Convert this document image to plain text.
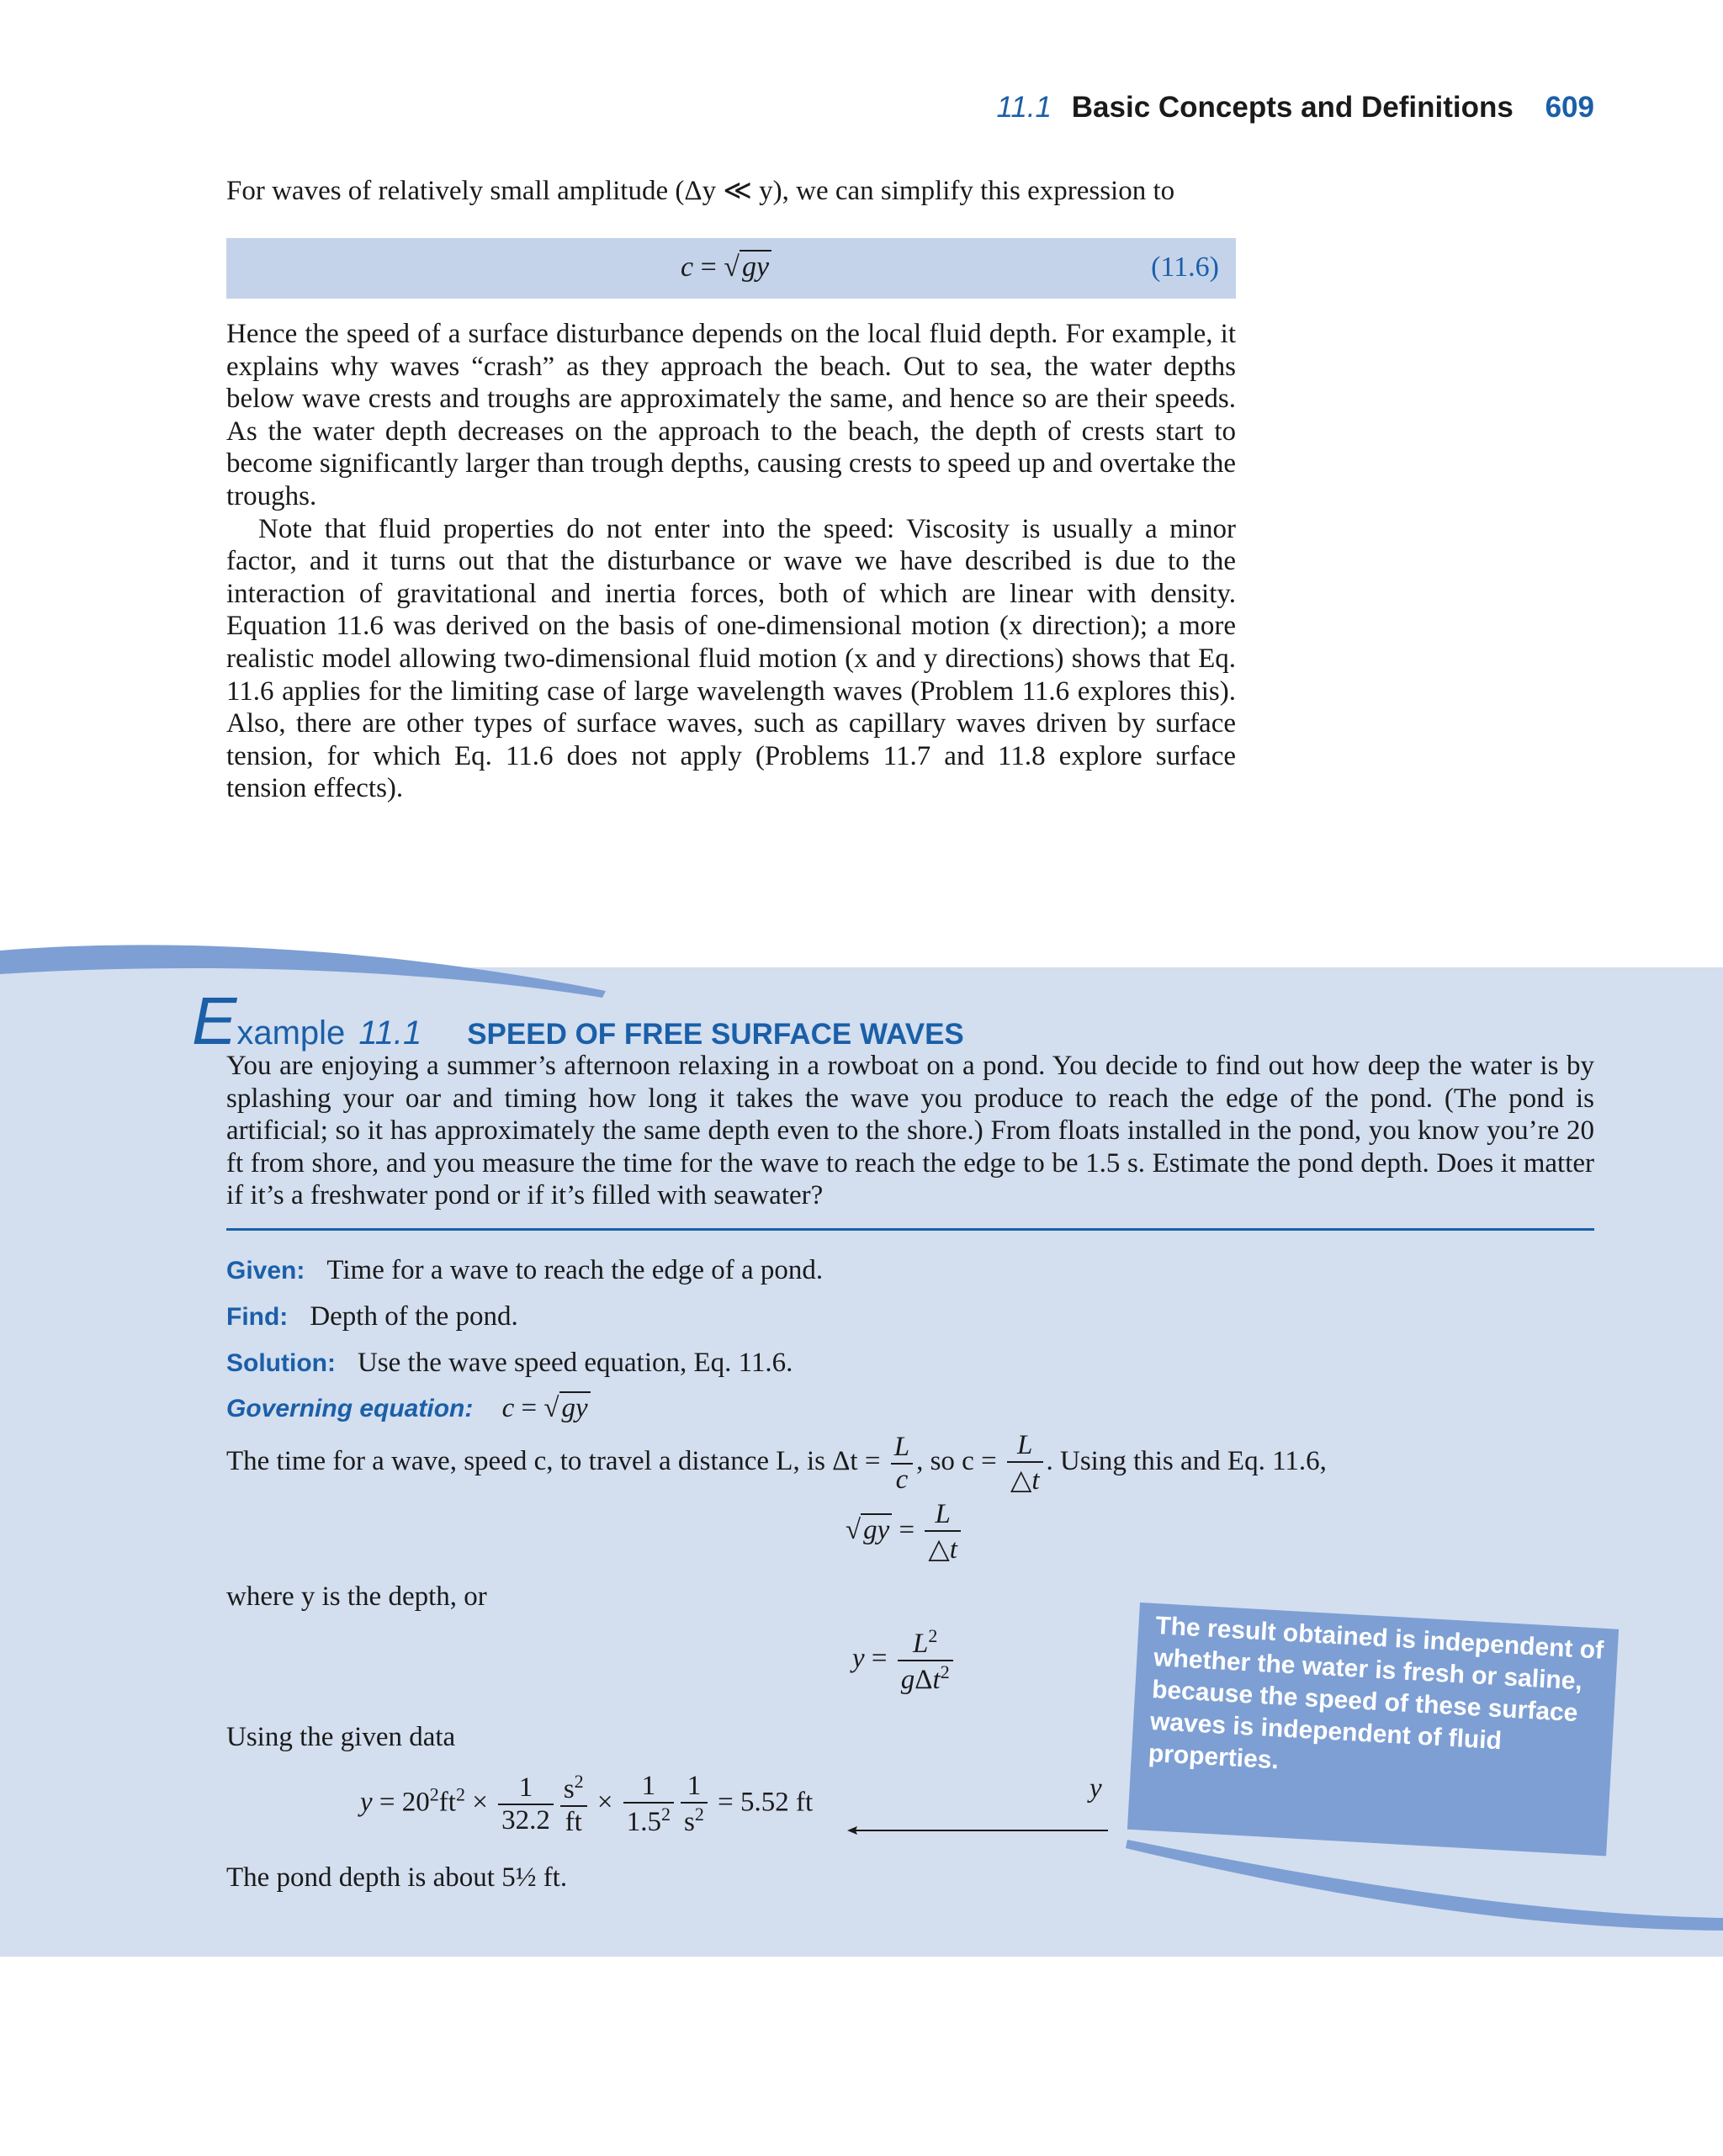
11.1 Basic Concepts and Definitions 609

For waves of relatively small amplitude (Δy ≪ y), we can simplify this expression to

c = √gy	(11.6)

Hence the speed of a surface disturbance depends on the local fluid depth. For example, it explains why waves “crash” as they approach the beach. Out to sea, the water depths below wave crests and troughs are approximately the same, and hence so are their speeds. As the water depth decreases on the approach to the beach, the depth of crests start to become significantly larger than trough depths, causing crests to speed up and overtake the troughs.

Note that fluid properties do not enter into the speed: Viscosity is usually a minor factor, and it turns out that the disturbance or wave we have described is due to the interaction of gravitational and inertia forces, both of which are linear with density. Equation 11.6 was derived on the basis of one-dimensional motion (x direction); a more realistic model allowing two-dimensional fluid motion (x and y directions) shows that Eq. 11.6 applies for the limiting case of large wavelength waves (Problem 11.6 explores this). Also, there are other types of surface waves, such as capillary waves driven by surface tension, for which Eq. 11.6 does not apply (Problems 11.7 and 11.8 explore surface tension effects).

Example 11.1 SPEED OF FREE SURFACE WAVES
You are enjoying a summer’s afternoon relaxing in a rowboat on a pond. You decide to find out how deep the water is by splashing your oar and timing how long it takes the wave you produce to reach the edge of the pond. (The pond is artificial; so it has approximately the same depth even to the shore.) From floats installed in the pond, you know you’re 20 ft from shore, and you measure the time for the wave to reach the edge to be 1.5 s. Estimate the pond depth. Does it matter if it’s a freshwater pond or if it’s filled with seawater?
Given: Time for a wave to reach the edge of a pond.
Find: Depth of the pond.
Solution: Use the wave speed equation, Eq. 11.6.
Governing equation: c = √gy
The time for a wave, speed c, to travel a distance L, is $\Delta t = \frac{L}{c}$ , so $c = \frac{L}{\triangle t}$ . Using this and Eq. 11.6,
$√gy = \frac{L}{\triangle t}$
where y is the depth, or
$y = \frac{L^2}{g\Delta t^2}$
Using the given data
$y = 20^2ft^2 \times \frac{1}{32.2} \frac{s^2}{ft} \times \frac{1}{1.5^2} \frac{1}{s^2} = 5.52$ ft	y
The pond depth is about 5½ ft.
The result obtained is independent of whether the water is fresh or saline, because the speed of these surface waves is independent of fluid properties.
